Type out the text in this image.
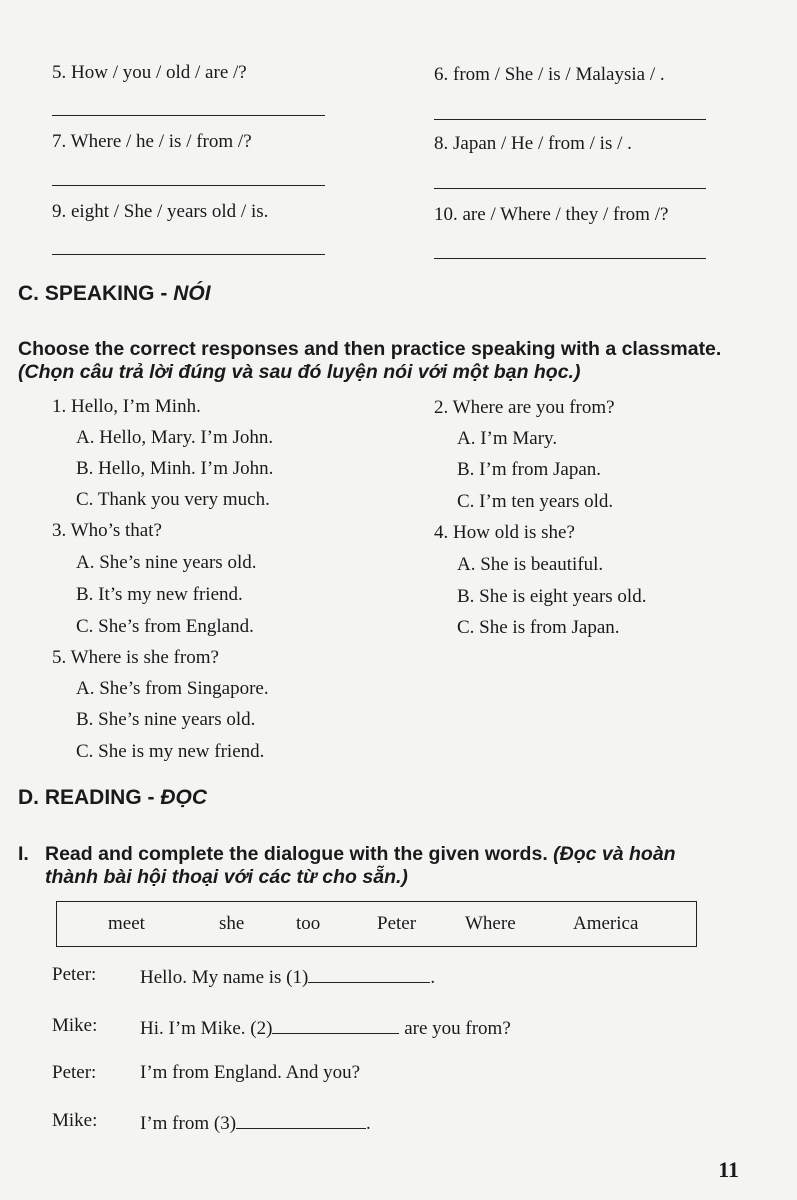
5. How / you / old / are /?	6. from / She / is / Malaysia / .
7. Where / he / is / from /?	8. Japan / He / from / is / .
9. eight / She / years old / is.	10. are / Where / they / from /?
C. SPEAKING - NÓI
Choose the correct responses and then practice speaking with a classmate.
(Chọn câu trả lời đúng và sau đó luyện nói với một bạn học.)
1. Hello, I’m Minh.
A. Hello, Mary. I’m John.
B. Hello, Minh. I’m John.
C. Thank you very much.
2. Where are you from?
A. I’m Mary.
B. I’m from Japan.
C. I’m ten years old.
3. Who’s that?
A. She’s nine years old.
B. It’s my new friend.
C. She’s from England.
4. How old is she?
A. She is beautiful.
B. She is eight years old.
C. She is from Japan.
5. Where is she from?
A. She’s from Singapore.
B. She’s nine years old.
C. She is my new friend.
D. READING - ĐỌC
I. Read and complete the dialogue with the given words. (Đọc và hoàn
thành bài hội thoại với các từ cho sẵn.)
meet	she	too	Peter	Where	America
Peter: Hello. My name is (1)	.
Mike: Hi. I’m Mike. (2)	are you from?
Peter: I’m from England. And you?
Mike: I’m from (3)	.
11
